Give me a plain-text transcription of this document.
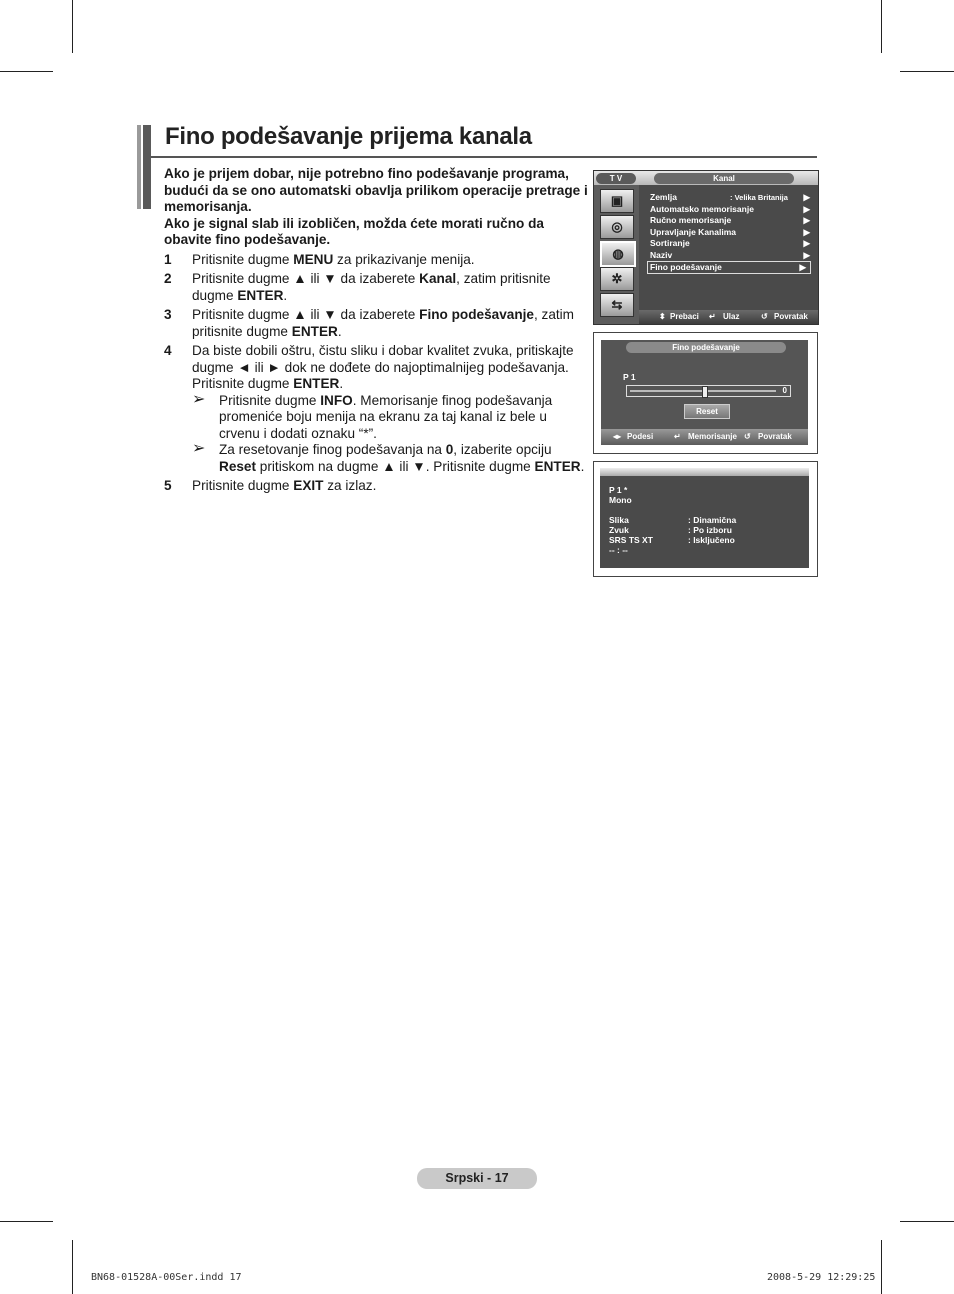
Fino podešavanje prijema kanala

Ako je prijem dobar, nije potrebno fino podešavanje programa, budući da se ono automatski obavlja prilikom operacije pretrage i memorisanja.

Ako je signal slab ili izobličen, možda ćete morati ručno da obavite fino podešavanje.

1 Pritisnite dugme MENU za prikazivanje menija.

2 Pritisnite dugme ▲ ili ▼ da izaberete Kanal, zatim pritisnite dugme ENTER.

3 Pritisnite dugme ▲ ili ▼ da izaberete Fino podešavanje, zatim pritisnite dugme ENTER.

4 Da biste dobili oštru, čistu sliku i dobar kvalitet zvuka, pritiskajte dugme ◄ ili ► dok ne dođete do najoptimalnijeg podešavanja. Pritisnite dugme ENTER.

➢ Pritisnite dugme INFO. Memorisanje finog podešavanja promeniće boju menija na ekranu za taj kanal iz bele u crvenu i dodati oznaku “*”.

➢ Za resetovanje finog podešavanja na 0, izaberite opciju Reset pritiskom na dugme ▲ ili ▼. Pritisnite dugme ENTER.

5 Pritisnite dugme EXIT za izlaz.

T V	Kanal
▣
◎
◍
✲
⇆
Zemlja	: Velika Britanija ▶
Automatsko memorisanje	▶
Ručno memorisanje	▶
Upravljanje Kanalima	▶
Sortiranje	▶
Naziv	▶
Fino podešavanje	▶
⬍ Prebaci ↵ Ulaz	↺ Povratak
Fino podešavanje
P 1
0
Reset
◂▸ Podesi	↵ Memorisanje ↺ Povratak
P 1 *
Mono
Slika	: Dinamična
Zvuk	: Po izboru
SRS TS XT	: Isključeno
-- : --
Srpski - 17
BN68-01528A-00Ser.indd 17	2008-5-29 12:29:25
